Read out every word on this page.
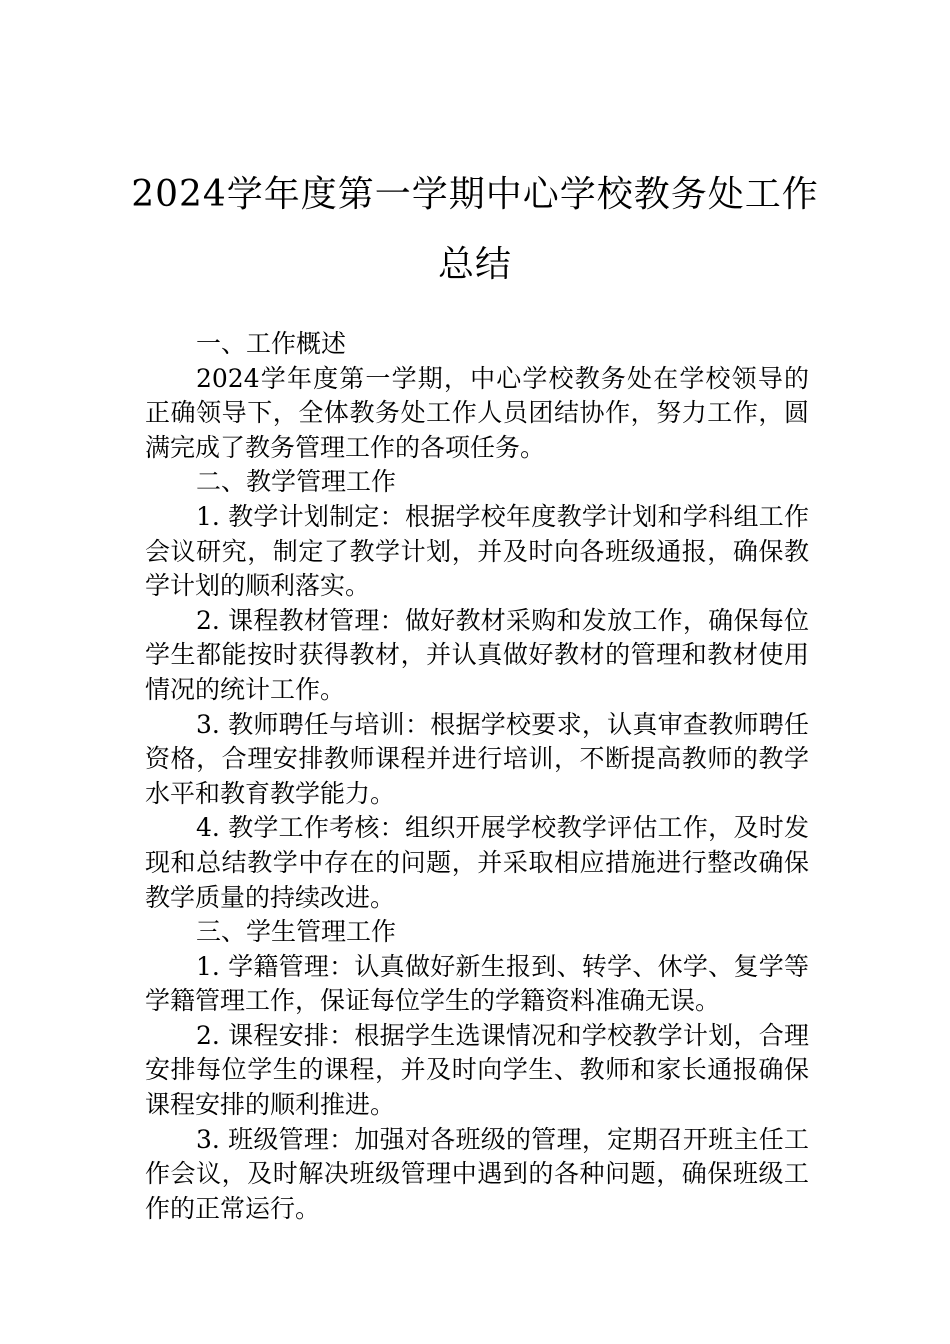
2024学年度第一学期中心学校教务处工作
总结

一、工作概述

2024学年度第一学期，中心学校教务处在学校领导的正确领导下，全体教务处工作人员团结协作，努力工作，圆满完成了教务管理工作的各项任务。

二、教学管理工作

1. 教学计划制定：根据学校年度教学计划和学科组工作会议研究，制定了教学计划，并及时向各班级通报，确保教学计划的顺利落实。

2. 课程教材管理：做好教材采购和发放工作，确保每位学生都能按时获得教材，并认真做好教材的管理和教材使用情况的统计工作。

3. 教师聘任与培训：根据学校要求，认真审查教师聘任资格，合理安排教师课程并进行培训，不断提高教师的教学水平和教育教学能力。

4. 教学工作考核：组织开展学校教学评估工作，及时发现和总结教学中存在的问题，并采取相应措施进行整改确保教学质量的持续改进。

三、学生管理工作

1. 学籍管理：认真做好新生报到、转学、休学、复学等学籍管理工作，保证每位学生的学籍资料准确无误。

2. 课程安排：根据学生选课情况和学校教学计划，合理安排每位学生的课程，并及时向学生、教师和家长通报确保课程安排的顺利推进。

3. 班级管理：加强对各班级的管理，定期召开班主任工作会议，及时解决班级管理中遇到的各种问题，确保班级工作的正常运行。
